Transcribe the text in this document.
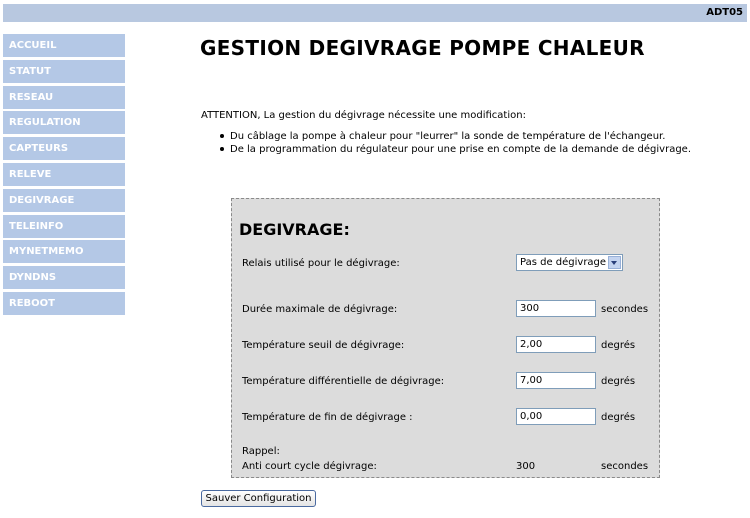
ADT05
ACCUEIL
STATUT
RESEAU
REGULATION
CAPTEURS
RELEVE
DEGIVRAGE
TELEINFO
MYNETMEMO
DYNDNS
REBOOT
GESTION DEGIVRAGE POMPE CHALEUR
ATTENTION, La gestion du dégivrage nécessite une modification:
Du câblage la pompe à chaleur pour "leurrer" la sonde de température de l'échangeur.
De la programmation du régulateur pour une prise en compte de la demande de dégivrage.
DEGIVRAGE:
Relais utilisé pour le dégivrage:	Pas de dégivrage
Durée maximale de dégivrage:
300	secondes
Température seuil de dégivrage:
2,00	degrés
Température différentielle de dégivrage:
7,00	degrés
Température de fin de dégivrage :
0,00	degrés
Rappel:
Anti court cycle dégivrage:	300	secondes
Sauver Configuration
